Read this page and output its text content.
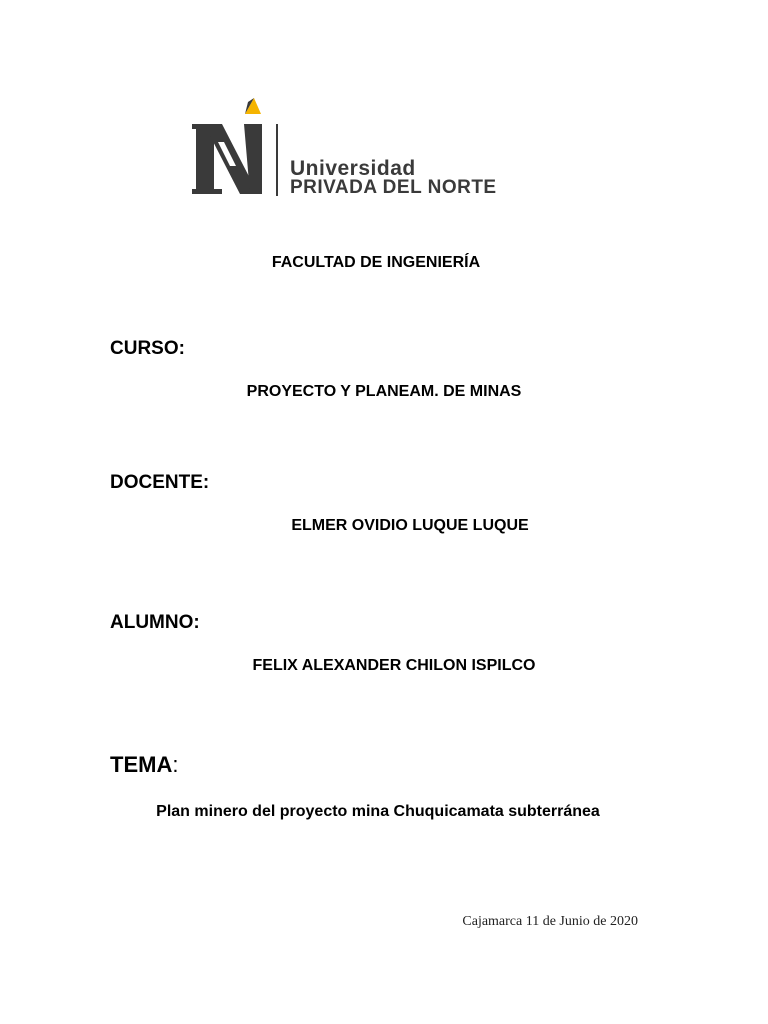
Universidad
PRIVADA DEL NORTE
FACULTAD DE INGENIERÍA
CURSO:
PROYECTO Y PLANEAM. DE MINAS
DOCENTE:
ELMER OVIDIO LUQUE LUQUE
ALUMNO:
FELIX ALEXANDER CHILON ISPILCO
TEMA:
Plan minero del proyecto mina Chuquicamata subterránea
Cajamarca 11 de Junio de 2020
